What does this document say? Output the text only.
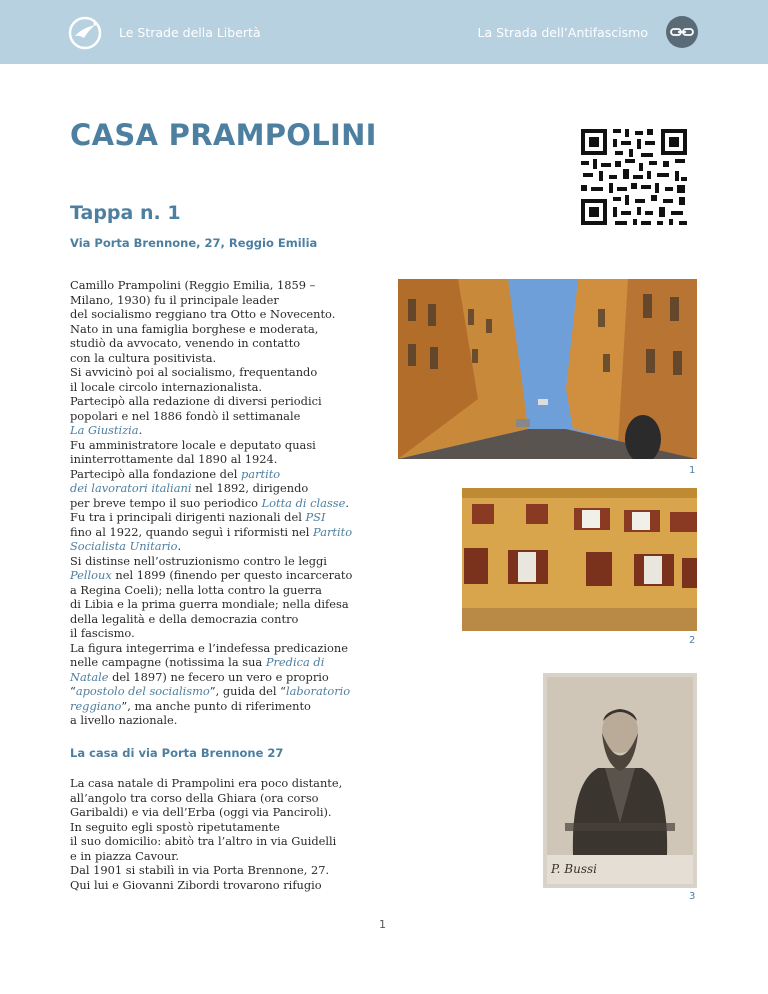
Le Strade della Libertà	La Strada dell’Antifascismo
CASA PRAMPOLINI
Tappa n. 1

Via Porta Brennone, 27, Reggio Emilia

Camillo Prampolini (Reggio Emilia, 1859 –
Milano, 1930) fu il principale leader
del socialismo reggiano tra Otto e Novecento.
Nato in una famiglia borghese e moderata,
studiò da avvocato, venendo in contatto
con la cultura positivista.
Si avvicinò poi al socialismo, frequentando
il locale circolo internazionalista.
Partecipò alla redazione di diversi periodici
popolari e nel 1886 fondò il settimanale
La Giustizia.
Fu amministratore locale e deputato quasi
ininterrottamente dal 1890 al 1924.
Partecipò alla fondazione del partito
dei lavoratori italiani nel 1892, dirigendo
per breve tempo il suo periodico Lotta di classe.
Fu tra i principali dirigenti nazionali del PSI
fino al 1922, quando seguì i riformisti nel Partito
Socialista Unitario.
Si distinse nell’ostruzionismo contro le leggi
Pelloux nel 1899 (finendo per questo incarcerato
a Regina Coeli); nella lotta contro la guerra
di Libia e la prima guerra mondiale; nella difesa
della legalità e della democrazia contro
il fascismo.
La figura integerrima e l’indefessa predicazione
nelle campagne (notissima la sua Predica di
Natale del 1897) ne fecero un vero e proprio
“apostolo del socialismo”, guida del “laboratorio
reggiano”, ma anche punto di riferimento
a livello nazionale.
La casa di via Porta Brennone 27
La casa natale di Prampolini era poco distante,
all’angolo tra corso della Ghiara (ora corso
Garibaldi) e via dell’Erba (oggi via Panciroli).
In seguito egli spostò ripetutamente
il suo domicilio: abitò tra l’altro in via Guidelli
e in piazza Cavour.
Dal 1901 si stabilì in via Porta Brennone, 27.
Qui lui e Giovanni Zibordi trovarono rifugio
1
2
P. Bussi
3
1
